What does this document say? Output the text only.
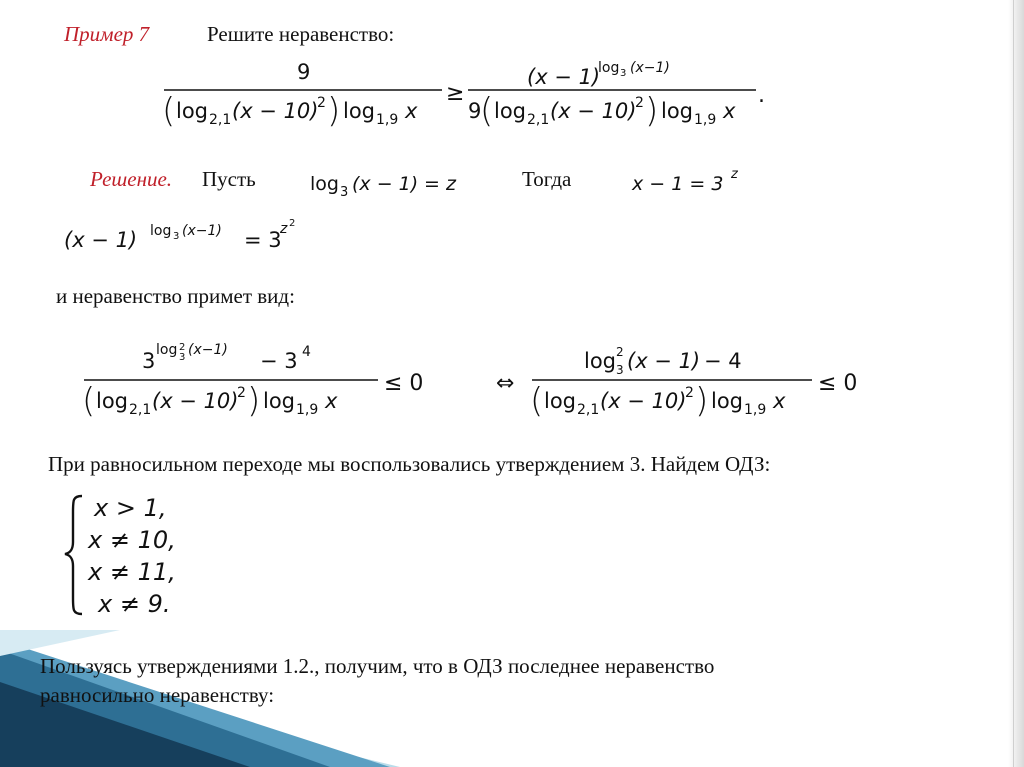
Пример 7	Решите неравенство:
9
( log 2,1 (x − 10)
2 ) log 1,9 x
≥
(x − 1)
log 3 (x−1)
9
( log 2,1 (x − 10)
2 ) log 1,9 x
.
Решение. Пусть	log 3 (x − 1) = z	Тогда	x − 1 = 3 z
(x − 1) log 3 (x−1) = 3
z 2
и неравенство примет вид:
3 log 2
3 (x−1) − 3 4
( log 2,1 (x − 10)
2 ) log 1,9 x
≤ 0	⇔
log 2
3 (x − 1) − 4
( log 2,1 (x − 10)
2 ) log 1,9 x
≤ 0
При равносильном переходе мы воспользовались утверждением 3. Найдем ОДЗ:
x > 1,
x ≠ 10,
x ≠ 11,
x ≠ 9.
Пользуясь утверждениями 1.2., получим, что в ОДЗ последнее неравенство
равносильно неравенству:
